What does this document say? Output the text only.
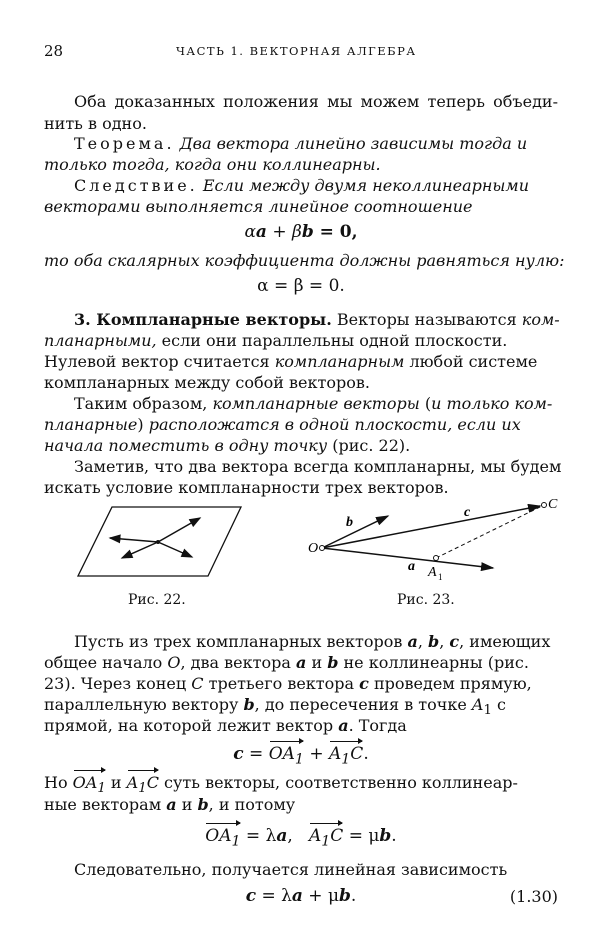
28	ЧАСТЬ 1. ВЕКТОРНАЯ АЛГЕБРА
Оба доказанных положения мы можем теперь объеди-
нить в одно.
Теорема. Два вектора линейно зависимы тогда и
только тогда, когда они коллинеарны.
Следствие. Если между двумя неколлинеарными
векторами выполняется линейное соотношение
αa + βb = 0,
то оба скалярных коэффициента должны равняться нулю:
α = β = 0.
3. Компланарные векторы. Векторы называются ком-
планарными, если они параллельны одной плоскости.
Нулевой вектор считается компланарным любой системе
компланарных между собой векторов.
Таким образом, компланарные векторы (и только ком-
планарные) расположатся в одной плоскости, если их
начала поместить в одну точку (рис. 22).
Заметив, что два вектора всегда компланарны, мы будем
искать условие компланарности трех векторов.
Рис. 22.
O
b
c
C
a A 1
Рис. 23.
Пусть из трех компланарных векторов a, b, c, имеющих
общее начало O, два вектора a и b не коллинеарны (рис.
23). Через конец C третьего вектора c проведем прямую,
параллельную вектору b, до пересечения в точке $A_1$ с
прямой, на которой лежит вектор a. Тогда
$c = OA_1 + A_1C$.
Но $OA_1$ и $A_1C$ суть векторы, соответственно коллинеар-
ные векторам a и b, и потому
$OA_1 = \lambda a$,   $A_1C = \mu b$.
Следовательно, получается линейная зависимость
c = λa + μb.	(1.30)
